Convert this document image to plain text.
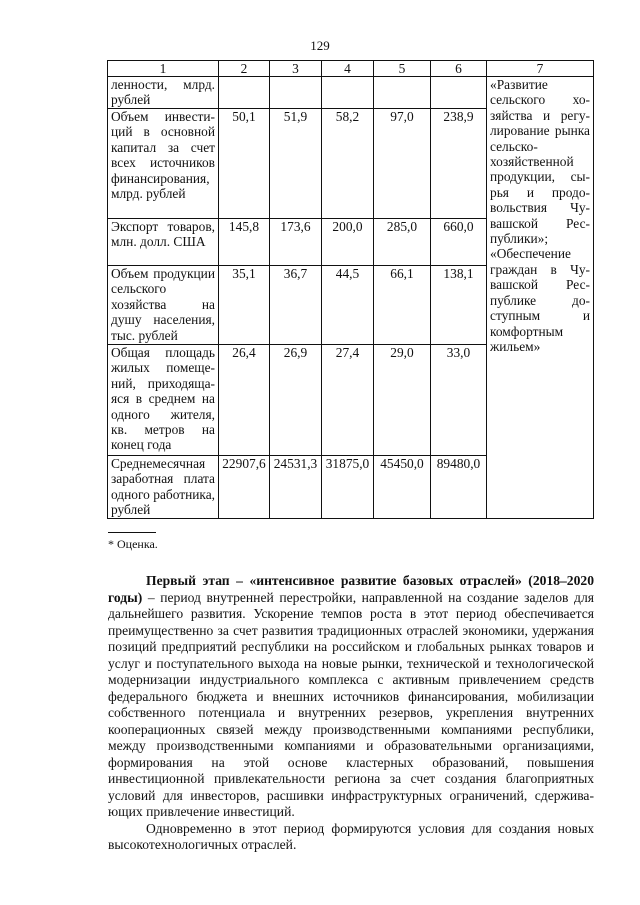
129
1	2	3	4	5	6	7
ленности, млрд. рублей						«Развитие сельского хозяйства и регулирование рынка сельскохозяйственной продукции, сырья и продовольствия Чувашской Республики»; «Обеспечение граждан в Чувашской Республике доступным и комфортным жильем»
Объем инвестиций в основной капитал за счет всех источников финансирования, млрд. рублей	50,1	51,9	58,2	97,0	238,9	
Экспорт товаров, млн. долл. США	145,8	173,6	200,0	285,0	660,0	
Объем продукции сельского хозяйства на душу населения, тыс. рублей	35,1	36,7	44,5	66,1	138,1	
Общая площадь жилых помещений, приходящаяся в среднем на одного жителя, кв. метров на конец года	26,4	26,9	27,4	29,0	33,0	
Среднемесячная заработная плата одного работника, рублей	22907,6	24531,3	31875,0	45450,0	89480,0	
* Оценка.

Первый этап – «интенсивное развитие базовых отраслей» (2018–2020 годы) – период внутренней перестройки, направленной на создание заделов для дальнейшего развития. Ускорение темпов роста в этот период обеспечивается преимущественно за счет развития традиционных отраслей экономики, удержания позиций предприятий республики на российском и глобальных рынках товаров и услуг и поступательного выхода на новые рынки, технической и технологической модернизации индустриального комплекса с активным привлечением средств федерального бюджета и внешних источников финансирования, мобилизации собственного потенциала и внутренних резервов, укрепления внутренних кооперационных связей между производственными компаниями республики, между производственными компаниями и образовательными организациями, формирования на этой основе кластерных образований, повышения инвестиционной привлекательности региона за счет создания благоприятных условий для инвесторов, расшивки инфраструктурных ограничений, сдерживающих привлечение инвестиций.

Одновременно в этот период формируются условия для создания новых высокотехнологичных отраслей.
